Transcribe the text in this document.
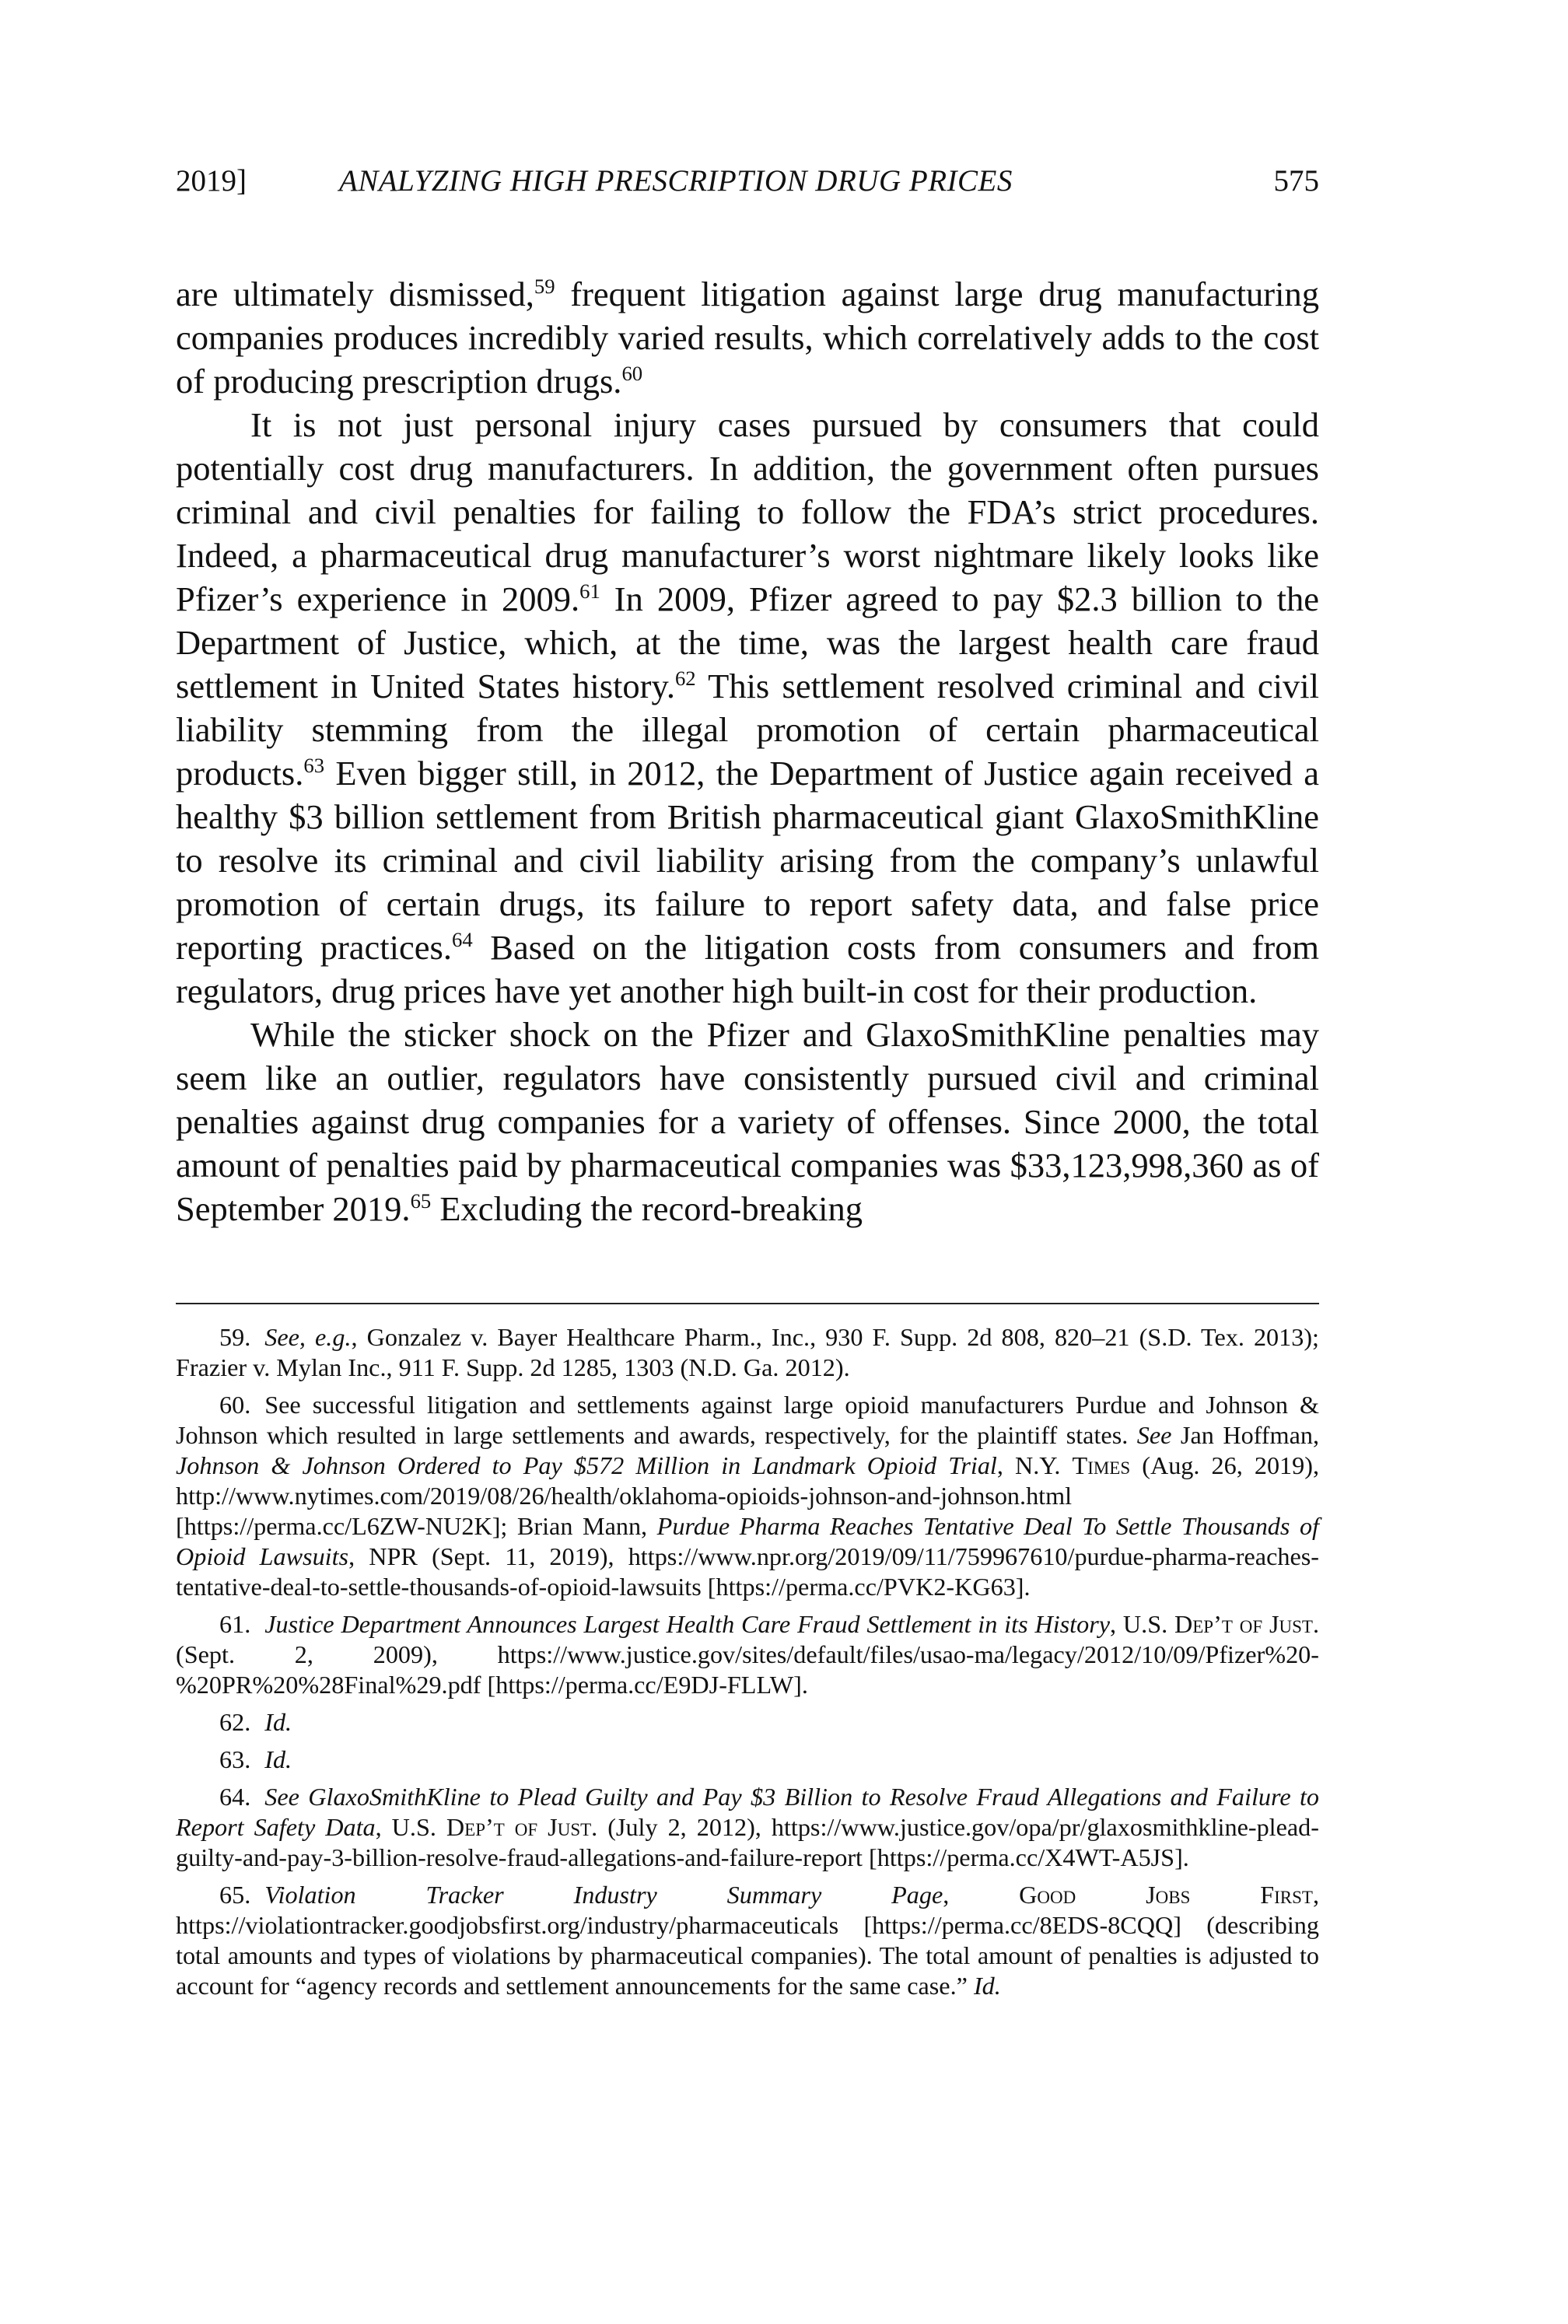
2019]	ANALYZING HIGH PRESCRIPTION DRUG PRICES	575

are ultimately dismissed,$^{59}$ frequent litigation against large drug manufacturing companies produces incredibly varied results, which correlatively adds to the cost of producing prescription drugs.$^{60}$

It is not just personal injury cases pursued by consumers that could potentially cost drug manufacturers. In addition, the government often pursues criminal and civil penalties for failing to follow the FDA’s strict procedures. Indeed, a pharmaceutical drug manufacturer’s worst nightmare likely looks like Pfizer’s experience in 2009.61 In 2009, Pfizer agreed to pay $2.3 billion to the Department of Justice, which, at the time, was the largest health care fraud settlement in United States history.$^{62}$ This settlement resolved criminal and civil liability stemming from the illegal promotion of certain pharmaceutical products.$^{63}$ Even bigger still, in 2012, the Department of Justice again received a healthy $3 billion settlement from British pharmaceutical giant GlaxoSmithKline to resolve its criminal and civil liability arising from the company’s unlawful promotion of certain drugs, its failure to report safety data, and false price reporting practices.$^{64}$ Based on the litigation costs from consumers and from regulators, drug prices have yet another high built-in cost for their production.

While the sticker shock on the Pfizer and GlaxoSmithKline penalties may seem like an outlier, regulators have consistently pursued civil and criminal penalties against drug companies for a variety of offenses. Since 2000, the total amount of penalties paid by pharmaceutical companies was $33,123,998,360 as of September 2019.65 Excluding the record-breaking

59. See, e.g., Gonzalez v. Bayer Healthcare Pharm., Inc., 930 F. Supp. 2d 808, 820–21 (S.D. Tex. 2013); Frazier v. Mylan Inc., 911 F. Supp. 2d 1285, 1303 (N.D. Ga. 2012).

60. See successful litigation and settlements against large opioid manufacturers Purdue and Johnson & Johnson which resulted in large settlements and awards, respectively, for the plaintiff states. See Jan Hoffman, Johnson & Johnson Ordered to Pay $572 Million in Landmark Opioid Trial, N.Y. Times (Aug. 26, 2019), http://www.nytimes.com/2019/08/26/health/oklahoma-opioids-johnson-and-johnson.html [https://perma.cc/L6ZW-NU2K]; Brian Mann, Purdue Pharma Reaches Tentative Deal To Settle Thousands of Opioid Lawsuits, NPR (Sept. 11, 2019), https://www.npr.org/2019/09/11/759967610/purdue-pharma-reaches-tentative-deal-to-settle-thousands-of-opioid-lawsuits [https://perma.cc/PVK2-KG63].

61. Justice Department Announces Largest Health Care Fraud Settlement in its History, U.S. Dep’t of Just. (Sept. 2, 2009), https://www.justice.gov/sites/default/files/usao-ma/legacy/2012/10/09/Pfizer%20-%20PR%20%28Final%29.pdf [https://perma.cc/E9DJ-FLLW].

62. Id.

63. Id.

64. See GlaxoSmithKline to Plead Guilty and Pay $3 Billion to Resolve Fraud Allegations and Failure to Report Safety Data, U.S. Dep’t of Just. (July 2, 2012), https://www.justice.gov/opa/pr/glaxosmithkline-plead-guilty-and-pay-3-billion-resolve-fraud-allegations-and-failure-report [https://perma.cc/X4WT-A5JS].

65. Violation Tracker Industry Summary Page, Good Jobs First, https://violationtracker.goodjobsfirst.org/industry/pharmaceuticals [https://perma.cc/8EDS-8CQQ] (describing total amounts and types of violations by pharmaceutical companies). The total amount of penalties is adjusted to account for “agency records and settlement announcements for the same case.” Id.
